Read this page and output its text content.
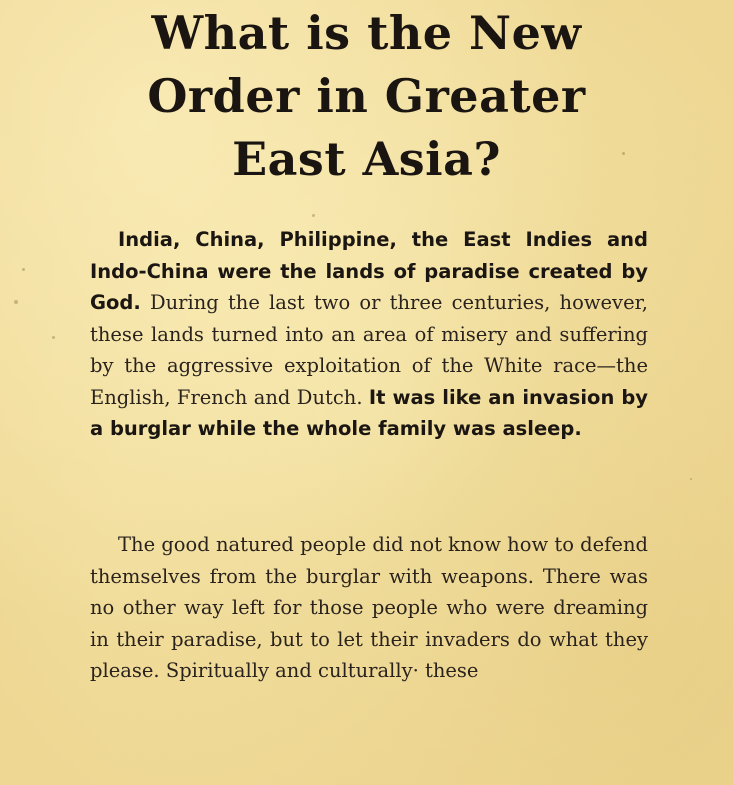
What is the New
Order in Greater
East Asia?

India, China, Philippine, the East Indies and Indo-China were the lands of paradise created by God. During the last two or three centuries, however, these lands turned into an area of misery and suffering by the aggressive exploitation of the White race—the English, French and Dutch. It was like an invasion by a burglar while the whole family was asleep.

The good natured people did not know how to defend themselves from the burglar with weapons. There was no other way left for those people who were dreaming in their paradise, but to let their invaders do what they please. Spiritually and culturally· these
